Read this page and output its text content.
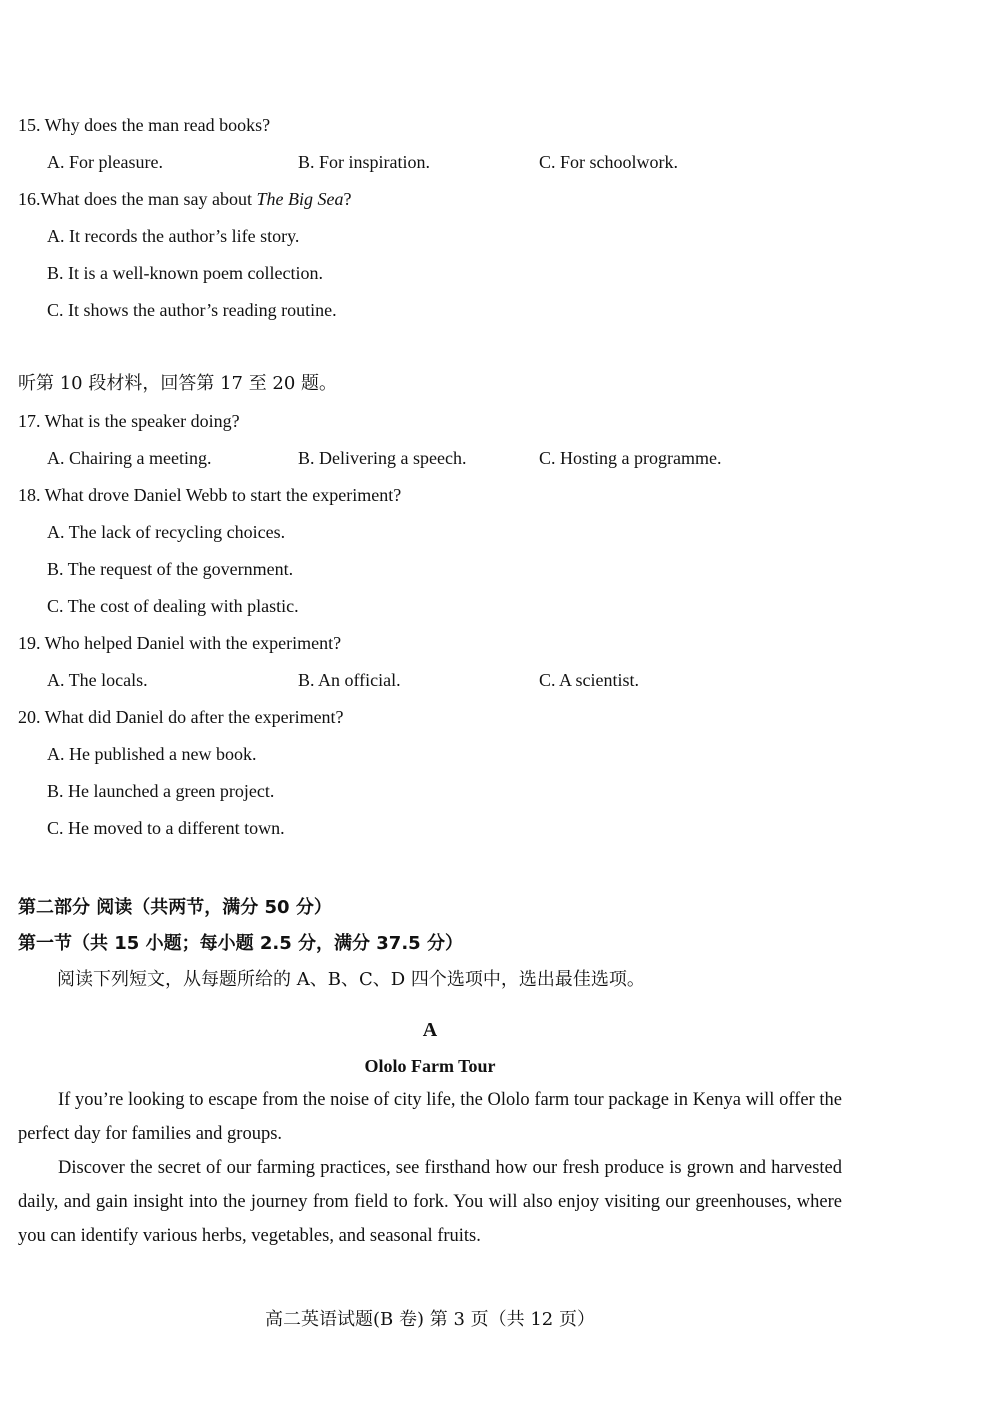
15. Why does the man read books?
A. For pleasure.	B. For inspiration.	C. For schoolwork.
16.What does the man say about The Big Sea?
A. It records the author’s life story.
B. It is a well-known poem collection.
C. It shows the author’s reading routine.
听第 10 段材料，回答第 17 至 20 题。
17. What is the speaker doing?
A. Chairing a meeting.	B. Delivering a speech.	C. Hosting a programme.
18. What drove Daniel Webb to start the experiment?
A. The lack of recycling choices.
B. The request of the government.
C. The cost of dealing with plastic.
19. Who helped Daniel with the experiment?
A. The locals.	B. An official.	C. A scientist.
20. What did Daniel do after the experiment?
A. He published a new book.
B. He launched a green project.
C. He moved to a different town.
第二部分 阅读（共两节，满分 50 分）
第一节（共 15 小题；每小题 2.5 分，满分 37.5 分）
阅读下列短文，从每题所给的 A、B、C、D 四个选项中，选出最佳选项。
A
Ololo Farm Tour
If you’re looking to escape from the noise of city life, the Ololo farm tour package in Kenya will offer the perfect day for families and groups.
Discover the secret of our farming practices, see firsthand how our fresh produce is grown and harvested daily, and gain insight into the journey from field to fork. You will also enjoy visiting our greenhouses, where you can identify various herbs, vegetables, and seasonal fruits.
高二英语试题(B 卷) 第 3 页（共 12 页）
